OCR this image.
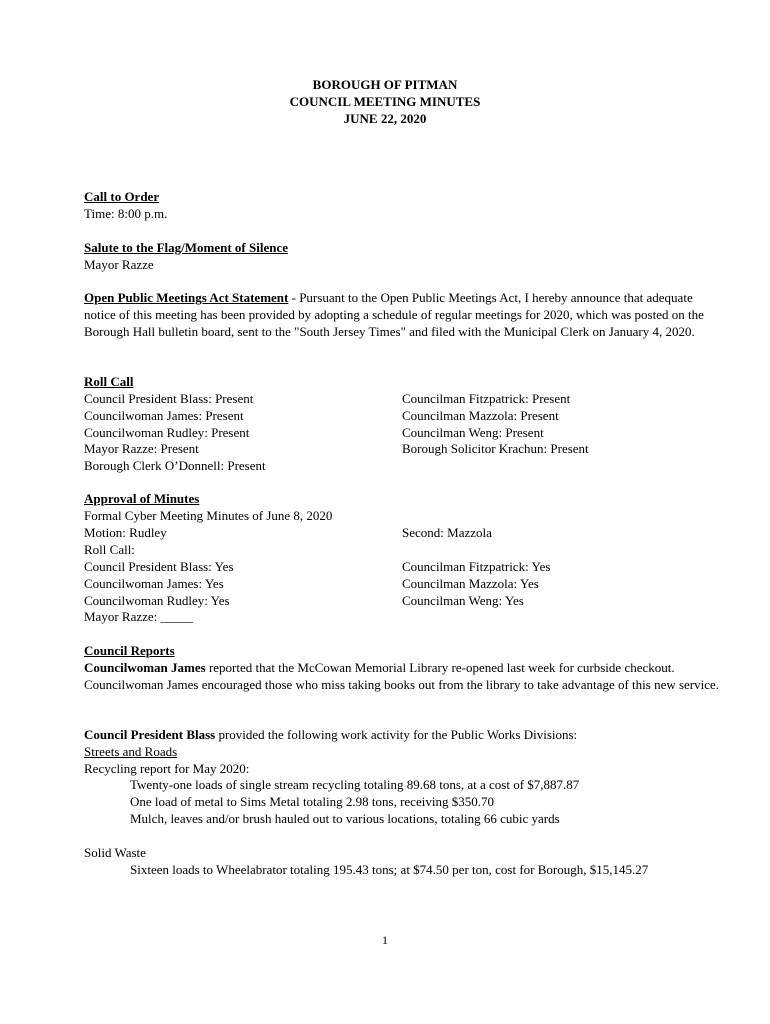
BOROUGH OF PITMAN
COUNCIL MEETING MINUTES
JUNE 22, 2020
Call to Order
Time: 8:00 p.m.
Salute to the Flag/Moment of Silence
Mayor Razze
Open Public Meetings Act Statement - Pursuant to the Open Public Meetings Act, I hereby announce that adequate notice of this meeting has been provided by adopting a schedule of regular meetings for 2020, which was posted on the Borough Hall bulletin board, sent to the "South Jersey Times" and filed with the Municipal Clerk on January 4, 2020.
Roll Call
Council President Blass: Present
Councilwoman James: Present
Councilwoman Rudley: Present
Mayor Razze: Present
Borough Clerk O’Donnell: Present
Councilman Fitzpatrick: Present
Councilman Mazzola: Present
Councilman Weng: Present
Borough Solicitor Krachun: Present
Approval of Minutes
Formal Cyber Meeting Minutes of June 8, 2020
Motion: Rudley
Roll Call:
Second: Mazzola
Council President Blass: Yes
Councilwoman James: Yes
Councilwoman Rudley: Yes
Mayor Razze: _____
Councilman Fitzpatrick: Yes
Councilman Mazzola: Yes
Councilman Weng: Yes
Council Reports
Councilwoman James reported that the McCowan Memorial Library re-opened last week for curbside checkout. Councilwoman James encouraged those who miss taking books out from the library to take advantage of this new service.
Council President Blass provided the following work activity for the Public Works Divisions:
Streets and Roads
Recycling report for May 2020:
Twenty-one loads of single stream recycling totaling 89.68 tons, at a cost of $7,887.87
One load of metal to Sims Metal totaling 2.98 tons, receiving $350.70
Mulch, leaves and/or brush hauled out to various locations, totaling 66 cubic yards
Solid Waste
Sixteen loads to Wheelabrator totaling 195.43 tons; at $74.50 per ton, cost for Borough, $15,145.27
1
